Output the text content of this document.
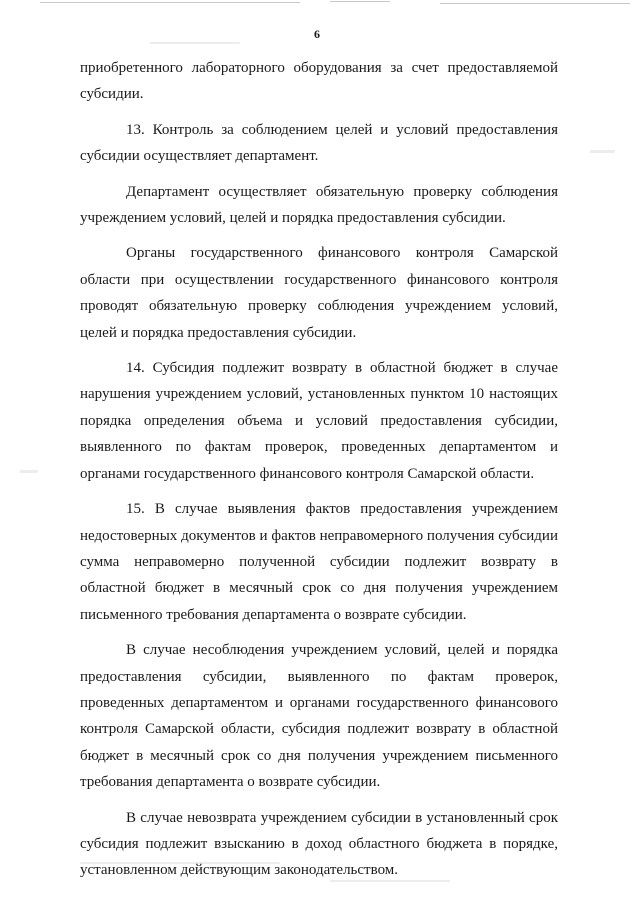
6

приобретенного лабораторного оборудования за счет предоставляемой субсидии.

13. Контроль за соблюдением целей и условий предоставления субсидии осуществляет департамент.

Департамент осуществляет обязательную проверку соблюдения учреждением условий, целей и порядка предоставления субсидии.

Органы государственного финансового контроля Самарской области при осуществлении государственного финансового контроля проводят обязательную проверку соблюдения учреждением условий, целей и порядка предоставления субсидии.

14. Субсидия подлежит возврату в областной бюджет в случае нарушения учреждением условий, установленных пунктом 10 настоящих порядка определения объема и условий предоставления субсидии, выявленного по фактам проверок, проведенных департаментом и органами государственного финансового контроля Самарской области.

15. В случае выявления фактов предоставления учреждением недостоверных документов и фактов неправомерного получения субсидии сумма неправомерно полученной субсидии подлежит возврату в областной бюджет в месячный срок со дня получения учреждением письменного требования департамента о возврате субсидии.

В случае несоблюдения учреждением условий, целей и порядка предоставления субсидии, выявленного по фактам проверок, проведенных департаментом и органами государственного финансового контроля Самарской области, субсидия подлежит возврату в областной бюджет в месячный срок со дня получения учреждением письменного требования департамента о возврате субсидии.

В случае невозврата учреждением субсидии в установленный срок субсидия подлежит взысканию в доход областного бюджета в порядке, установленном действующим законодательством.
